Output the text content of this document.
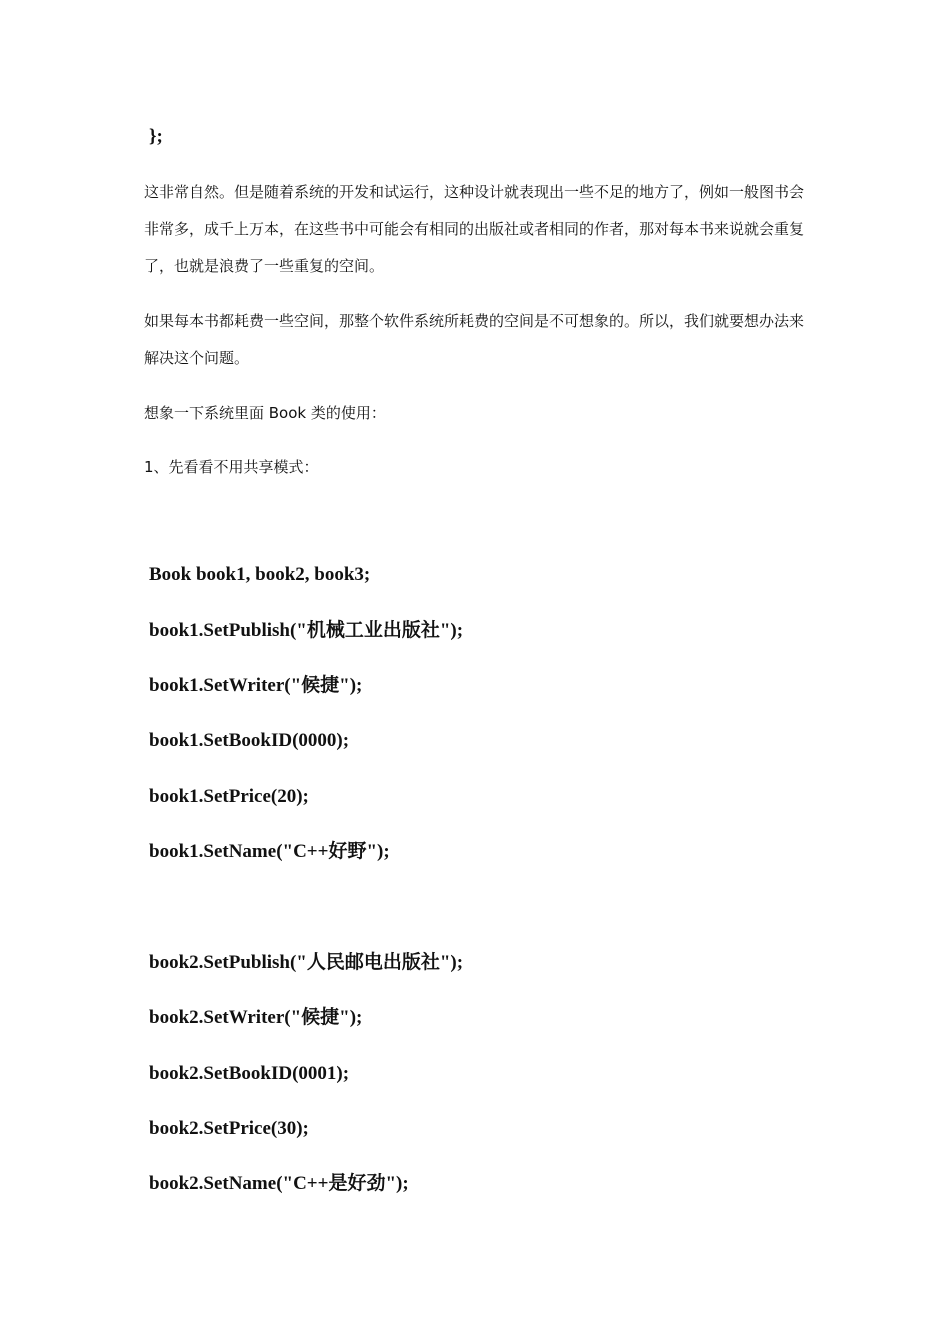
};

这非常自然。但是随着系统的开发和试运行，这种设计就表现出一些不足的地方了，例如一般图书会非常多，成千上万本，在这些书中可能会有相同的出版社或者相同的作者，那对每本书来说就会重复了，也就是浪费了一些重复的空间。

如果每本书都耗费一些空间，那整个软件系统所耗费的空间是不可想象的。所以，我们就要想办法来解决这个问题。

想象一下系统里面 Book 类的使用：

1、先看看不用共享模式：

Book book1, book2, book3;
book1.SetPublish("机械工业出版社");
book1.SetWriter("候捷");
book1.SetBookID(0000);
book1.SetPrice(20);
book1.SetName("C++好野");
book2.SetPublish("人民邮电出版社");
book2.SetWriter("候捷");
book2.SetBookID(0001);
book2.SetPrice(30);
book2.SetName("C++是好劲");
